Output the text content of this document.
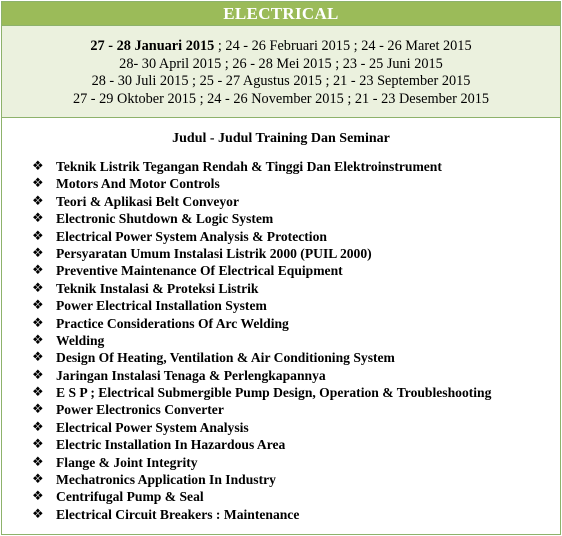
ELECTRICAL
27 - 28 Januari 2015 ; 24 - 26 Februari 2015 ; 24 - 26 Maret 2015
28- 30 April 2015 ; 26 - 28 Mei 2015 ; 23 - 25 Juni 2015
28 - 30 Juli 2015 ; 25 - 27 Agustus 2015 ; 21 - 23 September 2015
27 - 29 Oktober 2015 ; 24 - 26 November 2015 ; 21 - 23 Desember 2015
Judul - Judul Training Dan Seminar
❖ Teknik Listrik Tegangan Rendah & Tinggi Dan Elektroinstrument
❖ Motors And Motor Controls
❖ Teori & Aplikasi Belt Conveyor
❖ Electronic Shutdown & Logic System
❖ Electrical Power System Analysis & Protection
❖ Persyaratan Umum Instalasi Listrik 2000 (PUIL 2000)
❖ Preventive Maintenance Of Electrical Equipment
❖ Teknik Instalasi & Proteksi Listrik
❖ Power Electrical Installation System
❖ Practice Considerations Of Arc Welding
❖ Welding
❖ Design Of Heating, Ventilation & Air Conditioning System
❖ Jaringan Instalasi Tenaga & Perlengkapannya
❖ E S P ; Electrical Submergible Pump Design, Operation & Troubleshooting
❖ Power Electronics Converter
❖ Electrical Power System Analysis
❖ Electric Installation In Hazardous Area
❖ Flange & Joint Integrity
❖ Mechatronics Application In Industry
❖ Centrifugal Pump & Seal
❖ Electrical Circuit Breakers : Maintenance
